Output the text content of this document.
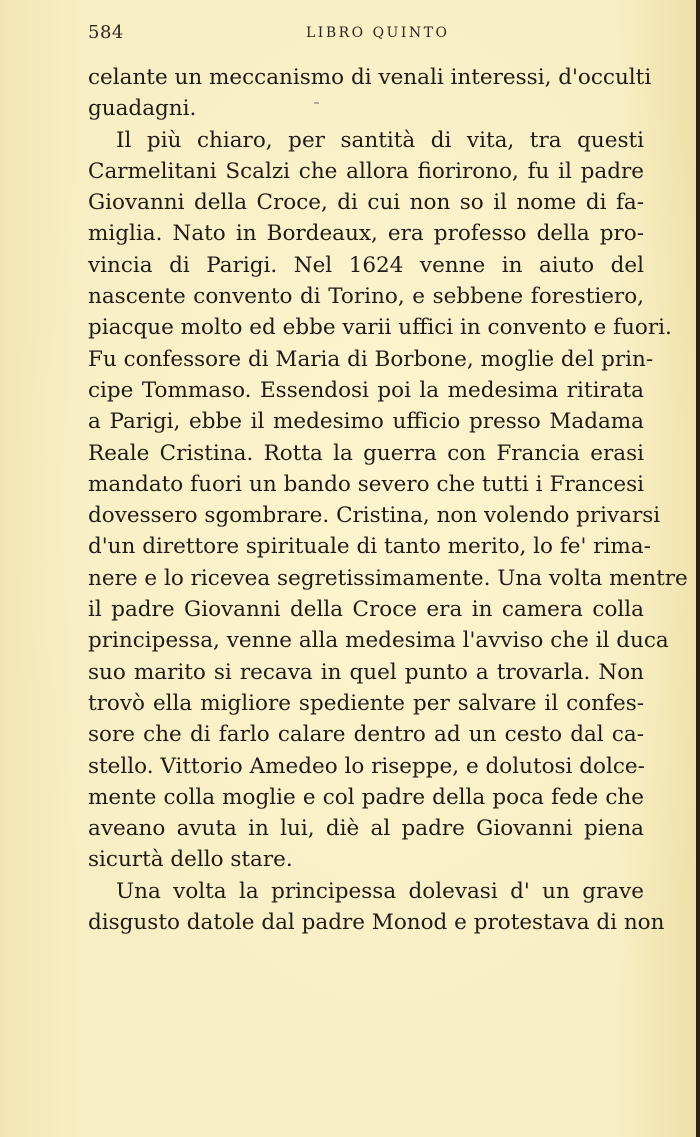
584	LIBRO QUINTO
celante un meccanismo di venali interessi, d'occulti
guadagni.
Il più chiaro, per santità di vita, tra questi
Carmelitani Scalzi che allora fiorirono, fu il padre
Giovanni della Croce, di cui non so il nome di fa-
miglia. Nato in Bordeaux, era professo della pro-
vincia di Parigi. Nel 1624 venne in aiuto del
nascente convento di Torino, e sebbene forestiero,
piacque molto ed ebbe varii uffici in convento e fuori.
Fu confessore di Maria di Borbone, moglie del prin-
cipe Tommaso. Essendosi poi la medesima ritirata
a Parigi, ebbe il medesimo ufficio presso Madama
Reale Cristina. Rotta la guerra con Francia erasi
mandato fuori un bando severo che tutti i Francesi
dovessero sgombrare. Cristina, non volendo privarsi
d'un direttore spirituale di tanto merito, lo fe' rima-
nere e lo ricevea segretissimamente. Una volta mentre
il padre Giovanni della Croce era in camera colla
principessa, venne alla medesima l'avviso che il duca
suo marito si recava in quel punto a trovarla. Non
trovò ella migliore spediente per salvare il confes-
sore che di farlo calare dentro ad un cesto dal ca-
stello. Vittorio Amedeo lo riseppe, e dolutosi dolce-
mente colla moglie e col padre della poca fede che
aveano avuta in lui, diè al padre Giovanni piena
sicurtà dello stare.
Una volta la principessa dolevasi d' un grave
disgusto datole dal padre Monod e protestava di non
